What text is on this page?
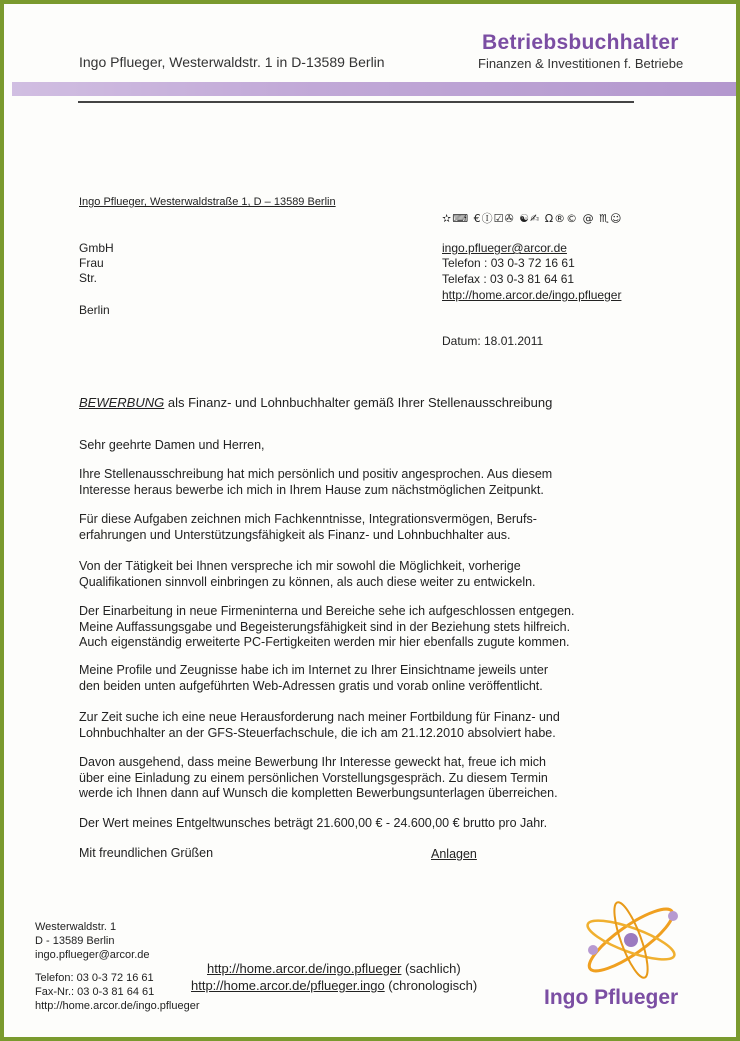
Ingo Pflueger, Westerwaldstr. 1 in D-13589 Berlin
Betriebsbuchhalter
Finanzen & Investitionen f. Betriebe
Ingo Pflueger, Westerwaldstraße 1, D – 13589 Berlin
✫⌨ €Ⓘ☑✇ ☯✍ Ω®© @ ♏☺
GmbH
Frau
Str.
Berlin
ingo.pflueger@arcor.de
Telefon : 03 0-3 72 16 61
Telefax : 03 0-3 81 64 61
http://home.arcor.de/ingo.pflueger
Datum: 18.01.2011
BEWERBUNG als Finanz- und Lohnbuchhalter gemäß Ihrer Stellenausschreibung
Sehr geehrte Damen und Herren,
Ihre Stellenausschreibung hat mich persönlich und positiv angesprochen. Aus diesem
Interesse heraus bewerbe ich mich in Ihrem Hause zum nächstmöglichen Zeitpunkt.
Für diese Aufgaben zeichnen mich Fachkenntnisse, Integrationsvermögen, Berufs-
erfahrungen und Unterstützungsfähigkeit als Finanz- und Lohnbuchhalter aus.
Von der Tätigkeit bei Ihnen verspreche ich mir sowohl die Möglichkeit, vorherige
Qualifikationen sinnvoll einbringen zu können, als auch diese weiter zu entwickeln.
Der Einarbeitung in neue Firmeninterna und Bereiche sehe ich aufgeschlossen entgegen.
Meine Auffassungsgabe und Begeisterungsfähigkeit sind in der Beziehung stets hilfreich.
Auch eigenständig erweiterte PC-Fertigkeiten werden mir hier ebenfalls zugute kommen.
Meine Profile und Zeugnisse habe ich im Internet zu Ihrer Einsichtname jeweils unter
den beiden unten aufgeführten Web-Adressen gratis und vorab online veröffentlicht.
Zur Zeit suche ich eine neue Herausforderung nach meiner Fortbildung für Finanz- und
Lohnbuchhalter an der GFS-Steuerfachschule, die ich am 21.12.2010 absolviert habe.
Davon ausgehend, dass meine Bewerbung Ihr Interesse geweckt hat, freue ich mich
über eine Einladung zu einem persönlichen Vorstellungsgespräch. Zu diesem Termin
werde ich Ihnen dann auf Wunsch die kompletten Bewerbungsunterlagen überreichen.
Der Wert meines Entgeltwunsches beträgt 21.600,00 € - 24.600,00 € brutto pro Jahr.
Mit freundlichen Grüßen	Anlagen
Westerwaldstr. 1
D - 13589 Berlin
ingo.pflueger@arcor.de
Telefon: 03 0-3 72 16 61
Fax-Nr.: 03 0-3 81 64 61
http://home.arcor.de/ingo.pflueger
http://home.arcor.de/ingo.pflueger (sachlich)
http://home.arcor.de/pflueger.ingo (chronologisch)
Ingo Pflueger
